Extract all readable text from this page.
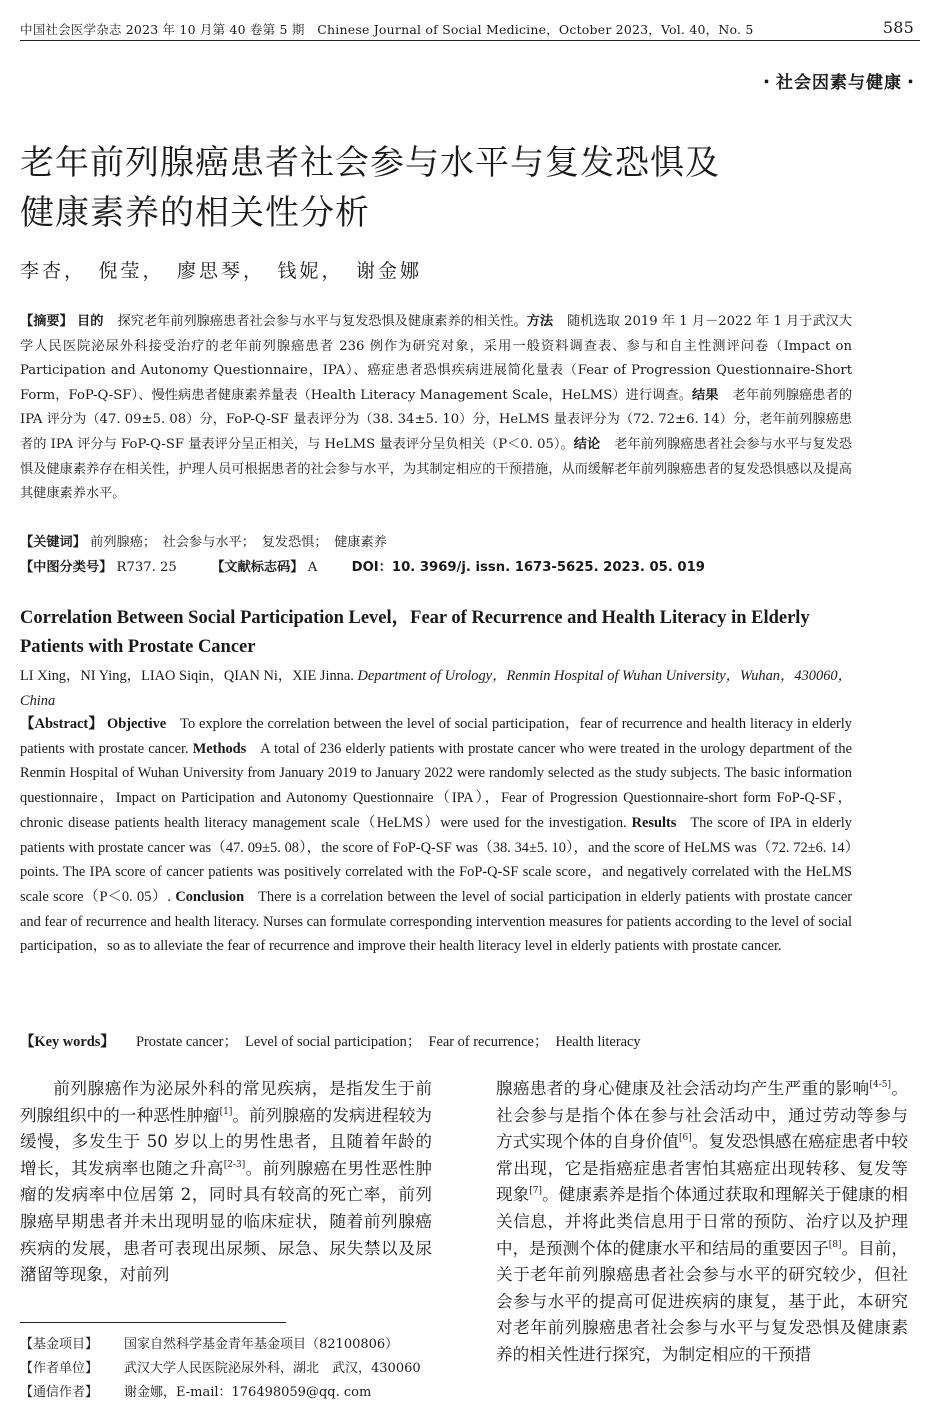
中国社会医学杂志 2023 年 10 月第 40 卷第 5 期　Chinese Journal of Social Medicine，October 2023，Vol. 40，No. 5	585
・社会因素与健康・
老年前列腺癌患者社会参与水平与复发恐惧及
健康素养的相关性分析
李杏，　倪莹，　廖思琴，　钱妮，　谢金娜
【摘要】 目的 探究老年前列腺癌患者社会参与水平与复发恐惧及健康素养的相关性。方法 随机选取 2019 年 1 月－2022 年 1 月于武汉大学人民医院泌尿外科接受治疗的老年前列腺癌患者 236 例作为研究对象，采用一般资料调查表、参与和自主性测评问卷（Impact on Participation and Autonomy Questionnaire，IPA）、癌症患者恐惧疾病进展简化量表（Fear of Progression Questionnaire-Short Form，FoP-Q-SF）、慢性病患者健康素养量表（Health Literacy Management Scale，HeLMS）进行调查。结果 老年前列腺癌患者的 IPA 评分为（47. 09±5. 08）分，FoP-Q-SF 量表评分为（38. 34±5. 10）分，HeLMS 量表评分为（72. 72±6. 14）分，老年前列腺癌患者的 IPA 评分与 FoP-Q-SF 量表评分呈正相关，与 HeLMS 量表评分呈负相关（P＜0. 05）。结论 老年前列腺癌患者社会参与水平与复发恐惧及健康素养存在相关性，护理人员可根据患者的社会参与水平，为其制定相应的干预措施，从而缓解老年前列腺癌患者的复发恐惧感以及提高其健康素养水平。
【关键词】 前列腺癌；　社会参与水平；　复发恐惧；　健康素养
【中图分类号】 R737. 25	【文献标志码】 A	DOI：10. 3969/j. issn. 1673-5625. 2023. 05. 019
Correlation Between Social Participation Level，Fear of Recurrence and Health Literacy in Elderly Patients with Prostate Cancer
LI Xing，NI Ying，LIAO Siqin，QIAN Ni，XIE Jinna. Department of Urology，Renmin Hospital of Wuhan University，Wuhan，430060，China
【Abstract】 Objective To explore the correlation between the level of social participation，fear of recurrence and health literacy in elderly patients with prostate cancer. Methods A total of 236 elderly patients with prostate cancer who were treated in the urology department of the Renmin Hospital of Wuhan University from January 2019 to January 2022 were randomly selected as the study subjects. The basic information questionnaire，Impact on Participation and Autonomy Questionnaire（IPA），Fear of Progression Questionnaire-short form FoP-Q-SF，chronic disease patients health literacy management scale（HeLMS）were used for the investigation. Results The score of IPA in elderly patients with prostate cancer was（47. 09±5. 08），the score of FoP-Q-SF was（38. 34±5. 10），and the score of HeLMS was（72. 72±6. 14）points. The IPA score of cancer patients was positively correlated with the FoP-Q-SF scale score，and negatively correlated with the HeLMS scale score（P＜0. 05）. Conclusion There is a correlation between the level of social participation in elderly patients with prostate cancer and fear of recurrence and health literacy. Nurses can formulate corresponding intervention measures for patients according to the level of social participation，so as to alleviate the fear of recurrence and improve their health literacy level in elderly patients with prostate cancer.
【Key words】 Prostate cancer；　Level of social participation；　Fear of recurrence；　Health literacy

前列腺癌作为泌尿外科的常见疾病，是指发生于前列腺组织中的一种恶性肿瘤[1]。前列腺癌的发病进程较为缓慢，多发生于 50 岁以上的男性患者，且随着年龄的增长，其发病率也随之升高[2-3]。前列腺癌在男性恶性肿瘤的发病率中位居第 2，同时具有较高的死亡率，前列腺癌早期患者并未出现明显的临床症状，随着前列腺癌疾病的发展，患者可表现出尿频、尿急、尿失禁以及尿潴留等现象，对前列

腺癌患者的身心健康及社会活动均产生严重的影响[4-5]。社会参与是指个体在参与社会活动中，通过劳动等参与方式实现个体的自身价值[6]。复发恐惧感在癌症患者中较常出现，它是指癌症患者害怕其癌症出现转移、复发等现象[7]。健康素养是指个体通过获取和理解关于健康的相关信息，并将此类信息用于日常的预防、治疗以及护理中，是预测个体的健康水平和结局的重要因子[8]。目前，关于老年前列腺癌患者社会参与水平的研究较少，但社会参与水平的提高可促进疾病的康复，基于此，本研究对老年前列腺癌患者社会参与水平与复发恐惧及健康素养的相关性进行探究，为制定相应的干预措

【基金项目】 国家自然科学基金青年基金项目（82100806）
【作者单位】 武汉大学人民医院泌尿外科，湖北　武汉，430060
【通信作者】 谢金娜，E-mail：176498059@qq. com
